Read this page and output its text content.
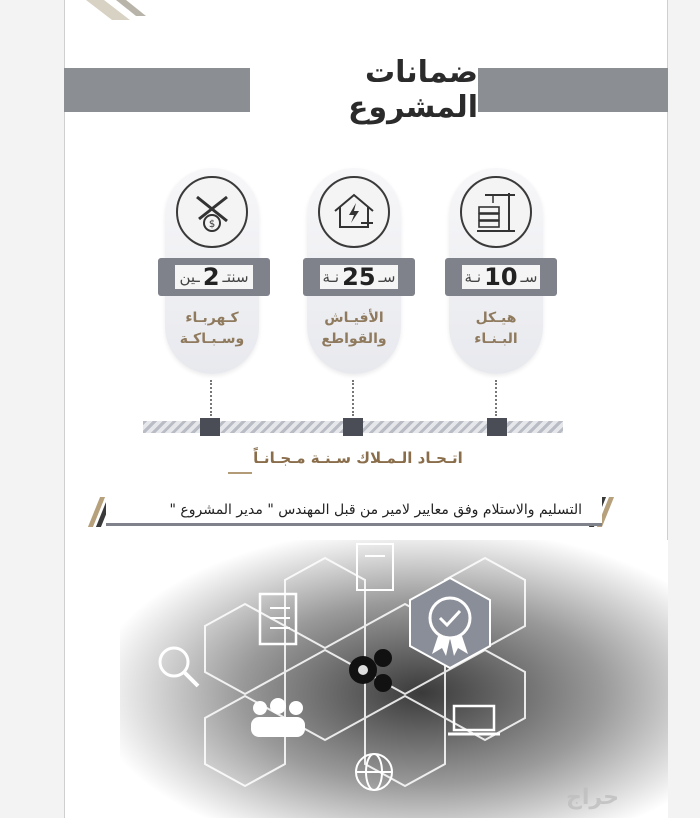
ضمانات المشروع
سـ
10
نـة
هيـكل
البـنـاء
سـ
25
نـة
الأفيـاش
والقواطع
$
سنتـ
2
ـين
كـهربـاء
وسـبـاكـة
اتـحـاد الـمـلاك سـنـة مـجـانـاً
التسليم والاستلام وفق معايير لامير من قبل المهندس " مدير المشروع "
حراج
